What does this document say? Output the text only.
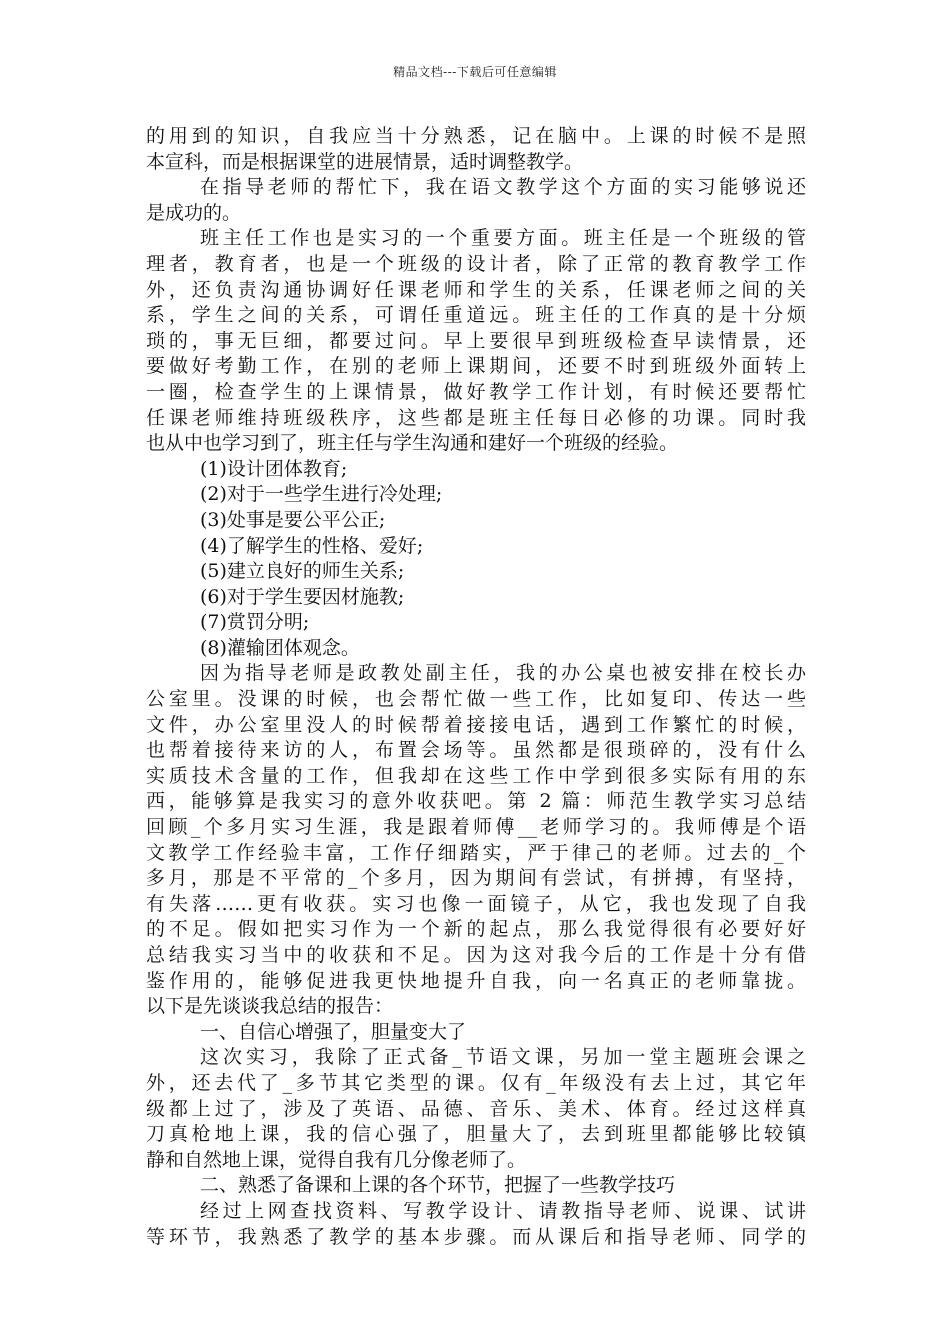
精品文档---下载后可任意编辑
的用到的知识，自我应当十分熟悉，记在脑中。上课的时候不是照
本宣科，而是根据课堂的进展情景，适时调整教学。
在指导老师的帮忙下，我在语文教学这个方面的实习能够说还
是成功的。
班主任工作也是实习的一个重要方面。班主任是一个班级的管
理者，教育者，也是一个班级的设计者，除了正常的教育教学工作
外，还负责沟通协调好任课老师和学生的关系，任课老师之间的关
系，学生之间的关系，可谓任重道远。班主任的工作真的是十分烦
琐的，事无巨细，都要过问。早上要很早到班级检查早读情景，还
要做好考勤工作，在别的老师上课期间，还要不时到班级外面转上
一圈，检查学生的上课情景，做好教学工作计划，有时候还要帮忙
任课老师维持班级秩序，这些都是班主任每日必修的功课。同时我
也从中也学习到了，班主任与学生沟通和建好一个班级的经验。
(1)设计团体教育;
(2)对于一些学生进行冷处理;
(3)处事是要公平公正;
(4)了解学生的性格、爱好;
(5)建立良好的师生关系;
(6)对于学生要因材施教;
(7)赏罚分明;
(8)灌输团体观念。
因为指导老师是政教处副主任，我的办公桌也被安排在校长办
公室里。没课的时候，也会帮忙做一些工作，比如复印、传达一些
文件，办公室里没人的时候帮着接接电话，遇到工作繁忙的时候，
也帮着接待来访的人，布置会场等。虽然都是很琐碎的，没有什么
实质技术含量的工作，但我却在这些工作中学到很多实际有用的东
西，能够算是我实习的意外收获吧。第 2 篇：师范生教学实习总结
回顾_个多月实习生涯，我是跟着师傅__老师学习的。我师傅是个语
文教学工作经验丰富，工作仔细踏实，严于律己的老师。过去的_个
多月，那是不平常的_个多月，因为期间有尝试，有拼搏，有坚持，
有失落……更有收获。实习也像一面镜子，从它，我也发现了自我
的不足。假如把实习作为一个新的起点，那么我觉得很有必要好好
总结我实习当中的收获和不足。因为这对我今后的工作是十分有借
鉴作用的，能够促进我更快地提升自我，向一名真正的老师靠拢。
以下是先谈谈我总结的报告：
一、自信心增强了，胆量变大了
这次实习，我除了正式备_节语文课，另加一堂主题班会课之
外，还去代了_多节其它类型的课。仅有_年级没有去上过，其它年
级都上过了，涉及了英语、品德、音乐、美术、体育。经过这样真
刀真枪地上课，我的信心强了，胆量大了，去到班里都能够比较镇
静和自然地上课，觉得自我有几分像老师了。
二、熟悉了备课和上课的各个环节，把握了一些教学技巧
经过上网查找资料、写教学设计、请教指导老师、说课、试讲
等环节，我熟悉了教学的基本步骤。而从课后和指导老师、同学的
